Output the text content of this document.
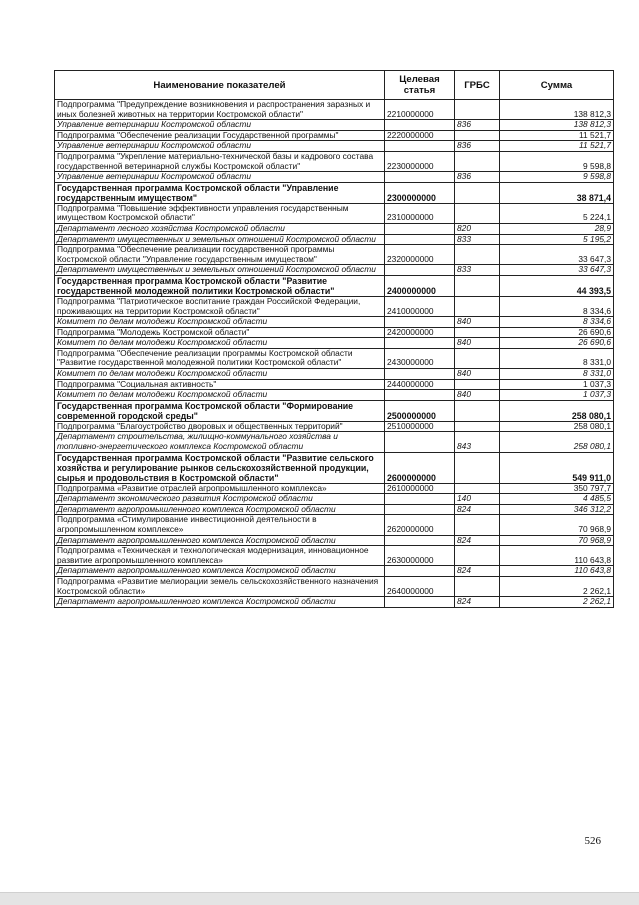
Наименование показателей	Целевая статья	ГРБС	Сумма
Подпрограмма "Предупреждение возникновения и распространения заразных и иных болезней животных на территории Костромской области"	2210000000		138 812,3
Управление ветеринарии Костромской области		836	138 812,3
Подпрограмма "Обеспечение реализации Государственной программы"	2220000000		11 521,7
Управление ветеринарии Костромской области		836	11 521,7
Подпрограмма "Укрепление материально-технической базы и кадрового состава государственной ветеринарной службы Костромской области"	2230000000		9 598,8
Управление ветеринарии Костромской области		836	9 598,8
Государственная программа Костромской области "Управление государственным имуществом"	2300000000		38 871,4
Подпрограмма "Повышение эффективности управления государственным имуществом Костромской области"	2310000000		5 224,1
Департамент лесного хозяйства Костромской области		820	28,9
Департамент имущественных и земельных отношений Костромской области		833	5 195,2
Подпрограмма "Обеспечение реализации государственной программы Костромской области "Управление государственным имуществом"	2320000000		33 647,3
Департамент имущественных и земельных отношений Костромской области		833	33 647,3
Государственная программа Костромской области "Развитие государственной молодежной политики Костромской области"	2400000000		44 393,5
Подпрограмма "Патриотическое воспитание граждан Российской Федерации, проживающих на территории Костромской области"	2410000000		8 334,6
Комитет по делам молодежи Костромской области		840	8 334,6
Подпрограмма "Молодежь Костромской области"	2420000000		26 690,6
Комитет по делам молодежи Костромской области		840	26 690,6
Подпрограмма "Обеспечение реализации программы Костромской области "Развитие государственной молодежной политики Костромской области"	2430000000		8 331,0
Комитет по делам молодежи Костромской области		840	8 331,0
Подпрограмма "Социальная активность"	2440000000		1 037,3
Комитет по делам молодежи Костромской области		840	1 037,3
Государственная программа Костромской области "Формирование современной городской среды"	2500000000		258 080,1
Подпрограмма "Благоустройство дворовых и общественных территорий"	2510000000		258 080,1
Департамент строительства, жилищно-коммунального хозяйства и топливно-энергетического комплекса Костромской области		843	258 080,1
Государственная программа Костромской области "Развитие сельского хозяйства и регулирование рынков сельскохозяйственной продукции, сырья и продовольствия в Костромской области"	2600000000		549 911,0
Подпрограмма «Развитие отраслей агропромышленного комплекса»	2610000000		350 797,7
Департамент экономического развития Костромской области		140	4 485,5
Департамент агропромышленного комплекса Костромской области		824	346 312,2
Подпрограмма «Стимулирование инвестиционной деятельности в агропромышленном комплексе»	2620000000		70 968,9
Департамент агропромышленного комплекса Костромской области		824	70 968,9
Подпрограмма «Техническая и технологическая модернизация, инновационное развитие агропромышленного комплекса»	2630000000		110 643,8
Департамент агропромышленного комплекса Костромской области		824	110 643,8
Подпрограмма «Развитие мелиорации земель сельскохозяйственного назначения Костромской области»	2640000000		2 262,1
Департамент агропромышленного комплекса Костромской области		824	2 262,1
526
